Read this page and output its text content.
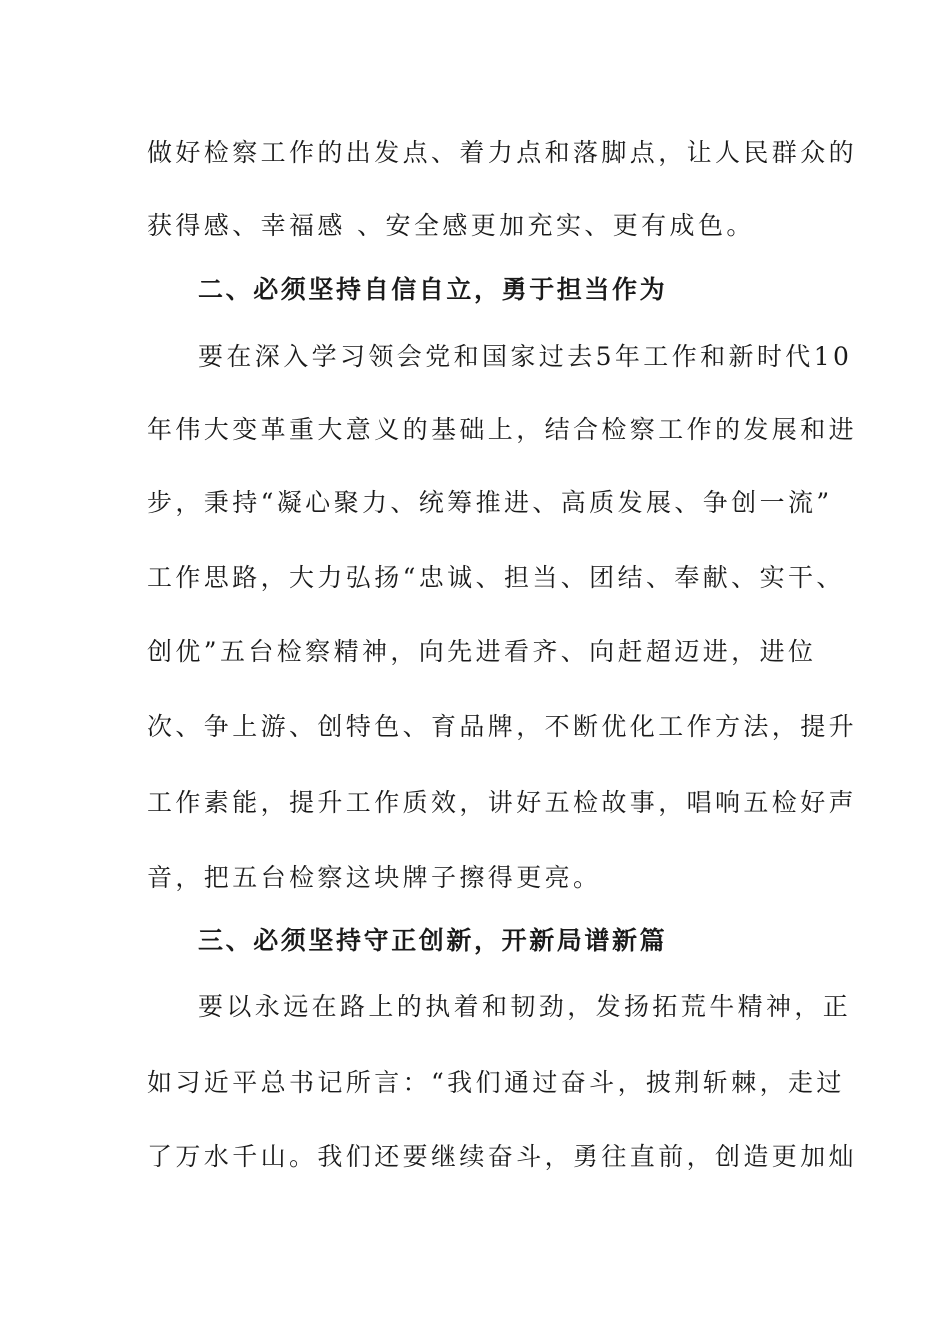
做好检察工作的出发点、着力点和落脚点，让人民群众的
获得感、幸福感 、安全感更加充实、更有成色。
二、必须坚持自信自立，勇于担当作为
要在深入学习领会党和国家过去5年工作和新时代10
年伟大变革重大意义的基础上，结合检察工作的发展和进
步，秉持“凝心聚力、统筹推进、高质发展、争创一流”
工作思路，大力弘扬“忠诚、担当、团结、奉献、实干、
创优”五台检察精神，向先进看齐、向赶超迈进，进位
次、争上游、创特色、育品牌，不断优化工作方法，提升
工作素能，提升工作质效，讲好五检故事，唱响五检好声
音，把五台检察这块牌子擦得更亮。
三、必须坚持守正创新，开新局谱新篇
要以永远在路上的执着和韧劲，发扬拓荒牛精神，正
如习近平总书记所言：“我们通过奋斗，披荆斩棘，走过
了万水千山。我们还要继续奋斗，勇往直前，创造更加灿
